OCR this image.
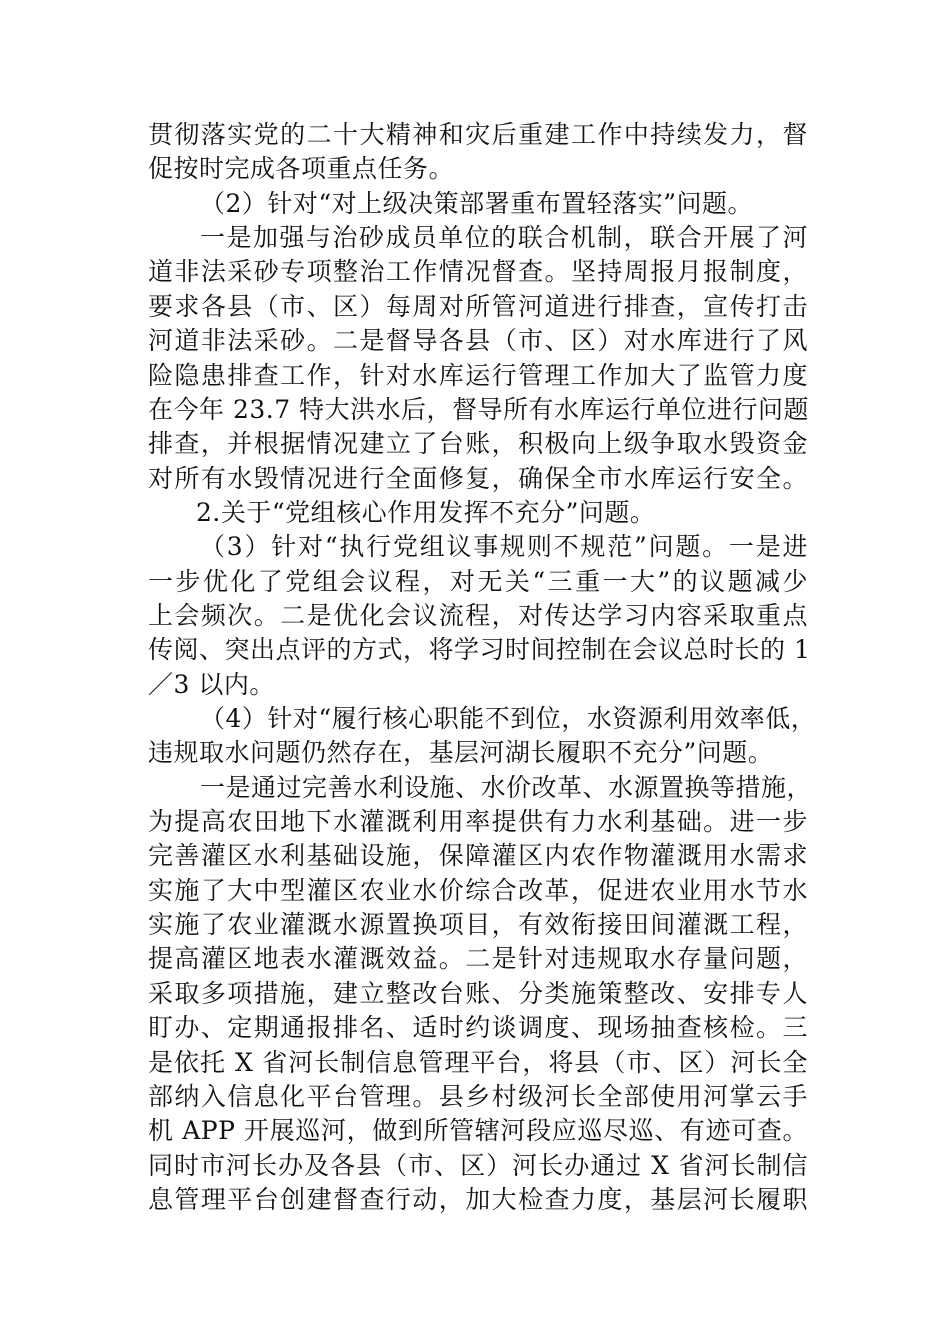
贯彻落实党的二十大精神和灾后重建工作中持续发力，督
促按时完成各项重点任务。
（2）针对“对上级决策部署重布置轻落实”问题。
一是加强与治砂成员单位的联合机制，联合开展了河
道非法采砂专项整治工作情况督查。坚持周报月报制度，
要求各县（市、区）每周对所管河道进行排查，宣传打击
河道非法采砂。二是督导各县（市、区）对水库进行了风
险隐患排查工作，针对水库运行管理工作加大了监管力度
在今年 23.7 特大洪水后，督导所有水库运行单位进行问题
排查，并根据情况建立了台账，积极向上级争取水毁资金
对所有水毁情况进行全面修复，确保全市水库运行安全。
2.关于“党组核心作用发挥不充分”问题。
（3）针对“执行党组议事规则不规范”问题。一是进
一步优化了党组会议程，对无关“三重一大”的议题减少
上会频次。二是优化会议流程，对传达学习内容采取重点
传阅、突出点评的方式，将学习时间控制在会议总时长的 1
／3 以内。
（4）针对“履行核心职能不到位，水资源利用效率低，
违规取水问题仍然存在，基层河湖长履职不充分”问题。
一是通过完善水利设施、水价改革、水源置换等措施，
为提高农田地下水灌溉利用率提供有力水利基础。进一步
完善灌区水利基础设施，保障灌区内农作物灌溉用水需求
实施了大中型灌区农业水价综合改革，促进农业用水节水
实施了农业灌溉水源置换项目，有效衔接田间灌溉工程，
提高灌区地表水灌溉效益。二是针对违规取水存量问题，
采取多项措施，建立整改台账、分类施策整改、安排专人
盯办、定期通报排名、适时约谈调度、现场抽查核检。三
是依托 X 省河长制信息管理平台，将县（市、区）河长全
部纳入信息化平台管理。县乡村级河长全部使用河掌云手
机 APP 开展巡河，做到所管辖河段应巡尽巡、有迹可查。
同时市河长办及各县（市、区）河长办通过 X 省河长制信
息管理平台创建督查行动，加大检查力度，基层河长履职
